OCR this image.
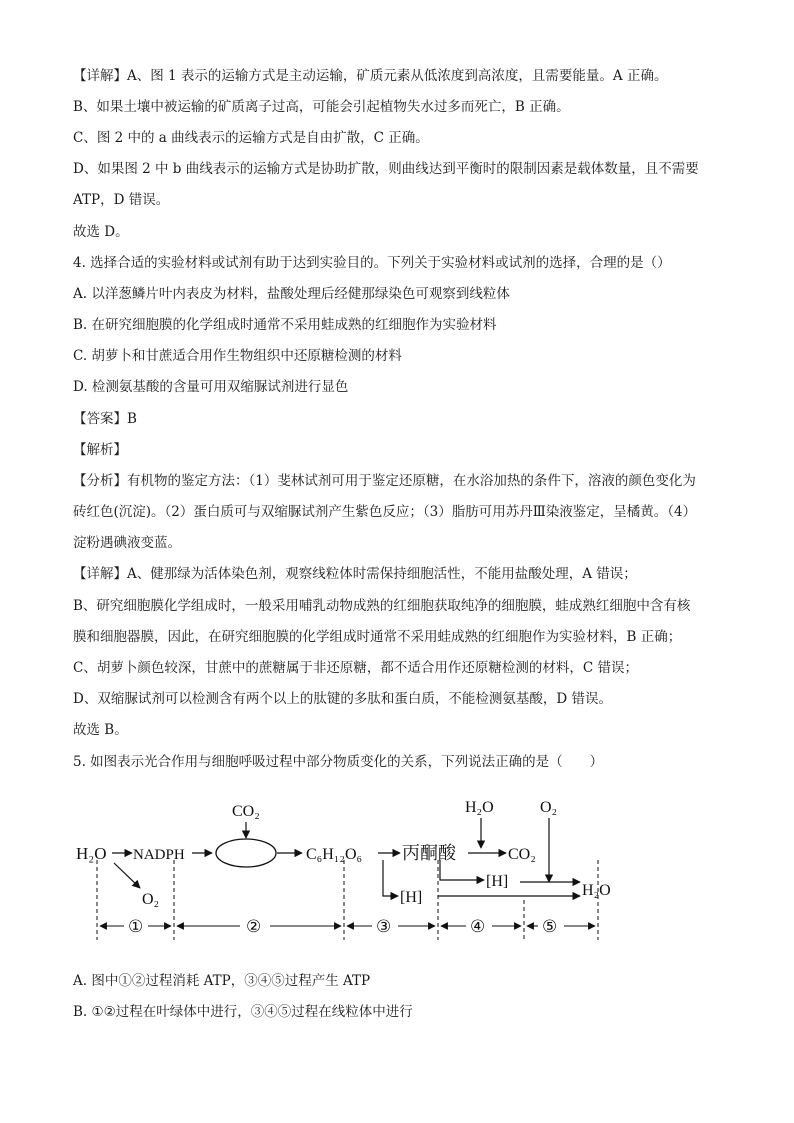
【详解】A、图 1 表示的运输方式是主动运输，矿质元素从低浓度到高浓度，且需要能量。A 正确。
B、如果土壤中被运输的矿质离子过高，可能会引起植物失水过多而死亡，B 正确。
C、图 2 中的 a 曲线表示的运输方式是自由扩散，C 正确。
D、如果图 2 中 b 曲线表示的运输方式是协助扩散，则曲线达到平衡时的限制因素是载体数量，且不需要
ATP，D 错误。
故选 D。
4. 选择合适的实验材料或试剂有助于达到实验目的。下列关于实验材料或试剂的选择，合理的是（）
A. 以洋葱鳞片叶内表皮为材料，盐酸处理后经健那绿染色可观察到线粒体
B. 在研究细胞膜的化学组成时通常不采用蛙成熟的红细胞作为实验材料
C. 胡萝卜和甘蔗适合用作生物组织中还原糖检测的材料
D. 检测氨基酸的含量可用双缩脲试剂进行显色
【答案】B
【解析】
【分析】有机物的鉴定方法：（1）斐林试剂可用于鉴定还原糖，在水浴加热的条件下，溶液的颜色变化为
砖红色(沉淀)。（2）蛋白质可与双缩脲试剂产生紫色反应；（3）脂肪可用苏丹Ⅲ染液鉴定，呈橘黄。（4）
淀粉遇碘液变蓝。
【详解】A、健那绿为活体染色剂，观察线粒体时需保持细胞活性，不能用盐酸处理，A 错误；
B、研究细胞膜化学组成时，一般采用哺乳动物成熟的红细胞获取纯净的细胞膜，蛙成熟红细胞中含有核
膜和细胞器膜，因此，在研究细胞膜的化学组成时通常不采用蛙成熟的红细胞作为实验材料，B 正确；
C、胡萝卜颜色较深，甘蔗中的蔗糖属于非还原糖，都不适合用作还原糖检测的材料，C 错误；
D、双缩脲试剂可以检测含有两个以上的肽键的多肽和蛋白质，不能检测氨基酸，D 错误。
故选 B。
5. 如图表示光合作用与细胞呼吸过程中部分物质变化的关系，下列说法正确的是（　　）
H₂O NADPH
CO₂
C₆H₁₂O₆ 丙酮酸
O₂	[H]
CO₂
H₂O
[H]
O₂
H₂O
①	②	③	④	⑤
A. 图中①②过程消耗 ATP，③④⑤过程产生 ATP
B. ①②过程在叶绿体中进行，③④⑤过程在线粒体中进行
